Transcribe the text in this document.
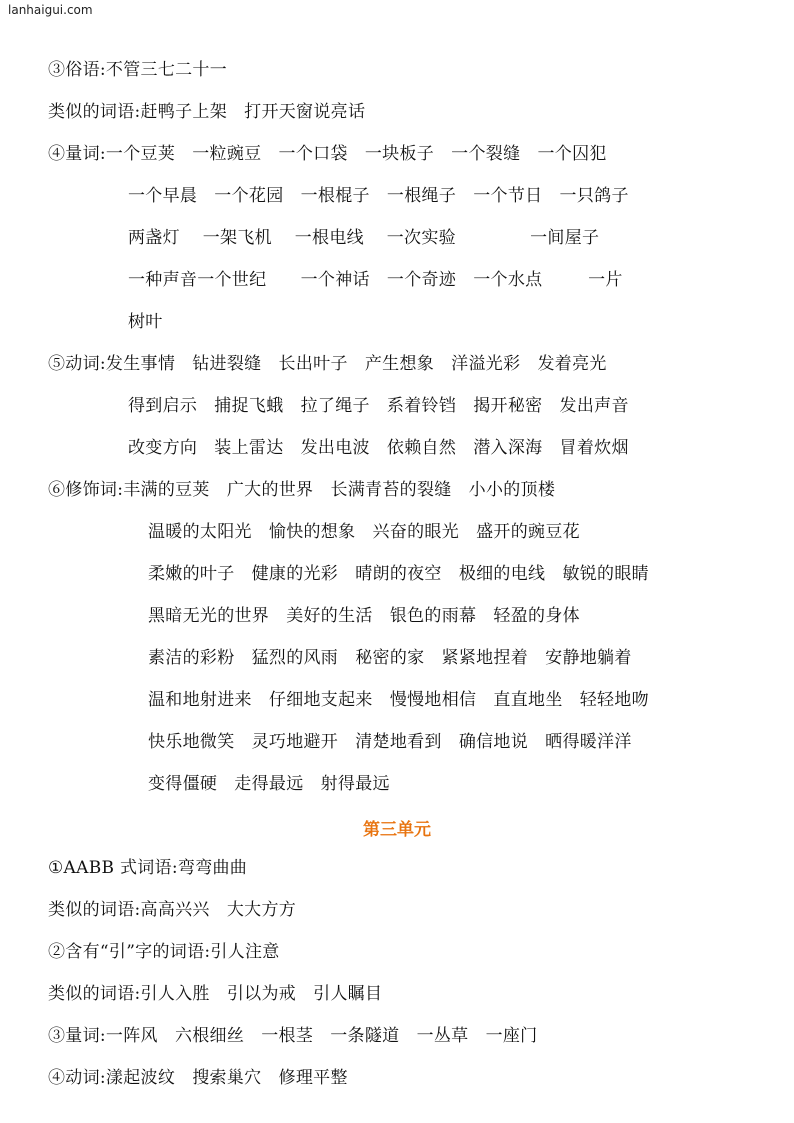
lanhaigui.com
③俗语:不管三七二十一
类似的词语:赶鸭子上架   打开天窗说亮话
④量词:一个豆荚   一粒豌豆   一个口袋   一块板子   一个裂缝   一个囚犯
一个早晨   一个花园   一根棍子   一根绳子   一个节日   一只鸽子
两盏灯    一架飞机    一根电线    一次实验             一间屋子
一种声音一个世纪      一个神话   一个奇迹   一个水点        一片
树叶
⑤动词:发生事情   钻进裂缝   长出叶子   产生想象   洋溢光彩   发着亮光
得到启示   捕捉飞蛾   拉了绳子   系着铃铛   揭开秘密   发出声音
改变方向   装上雷达   发出电波   依赖自然   潜入深海   冒着炊烟
⑥修饰词:丰满的豆荚   广大的世界   长满青苔的裂缝   小小的顶楼
温暖的太阳光   愉快的想象   兴奋的眼光   盛开的豌豆花
柔嫩的叶子   健康的光彩   晴朗的夜空   极细的电线   敏锐的眼睛
黑暗无光的世界   美好的生活   银色的雨幕   轻盈的身体
素洁的彩粉   猛烈的风雨   秘密的家   紧紧地捏着   安静地躺着
温和地射进来   仔细地支起来   慢慢地相信   直直地坐   轻轻地吻
快乐地微笑   灵巧地避开   清楚地看到   确信地说   晒得暖洋洋
变得僵硬   走得最远   射得最远
第三单元
①AABB 式词语:弯弯曲曲
类似的词语:高高兴兴   大大方方
②含有“引”字的词语:引人注意
类似的词语:引人入胜   引以为戒   引人瞩目
③量词:一阵风   六根细丝   一根茎   一条隧道   一丛草   一座门
④动词:漾起波纹   搜索巢穴   修理平整
